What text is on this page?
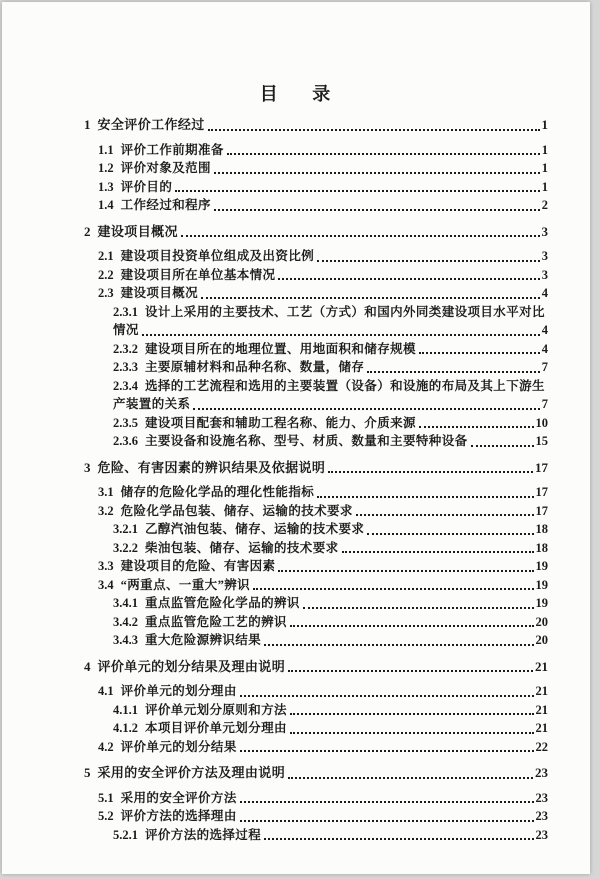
目     录
1 安全评价工作经过	1
1.1 评价工作前期准备	1
1.2 评价对象及范围	1
1.3 评价目的	1
1.4 工作经过和程序	2
2 建设项目概况	3
2.1 建设项目投资单位组成及出资比例	3
2.2 建设项目所在单位基本情况	3
2.3 建设项目概况	4
2.3.1 设计上采用的主要技术、工艺（方式）和国内外同类建设项目水平对比
情况	4
2.3.2 建设项目所在的地理位置、用地面积和储存规模	4
2.3.3 主要原辅材料和品种名称、数量，储存	7
2.3.4 选择的工艺流程和选用的主要装置（设备）和设施的布局及其上下游生
产装置的关系	7
2.3.5 建设项目配套和辅助工程名称、能力、介质来源	10
2.3.6 主要设备和设施名称、型号、材质、数量和主要特种设备	15
3 危险、有害因素的辨识结果及依据说明	17
3.1 储存的危险化学品的理化性能指标	17
3.2 危险化学品包装、储存、运输的技术要求	17
3.2.1 乙醇汽油包装、储存、运输的技术要求	18
3.2.2 柴油包装、储存、运输的技术要求	18
3.3 建设项目的危险、有害因素	19
3.4 “两重点、一重大”辨识	19
3.4.1 重点监管危险化学品的辨识	19
3.4.2 重点监管危险工艺的辨识	20
3.4.3 重大危险源辨识结果	20
4 评价单元的划分结果及理由说明	21
4.1 评价单元的划分理由	21
4.1.1 评价单元划分原则和方法	21
4.1.2 本项目评价单元划分理由	21
4.2 评价单元的划分结果	22
5 采用的安全评价方法及理由说明	23
5.1 采用的安全评价方法	23
5.2 评价方法的选择理由	23
5.2.1 评价方法的选择过程	23
